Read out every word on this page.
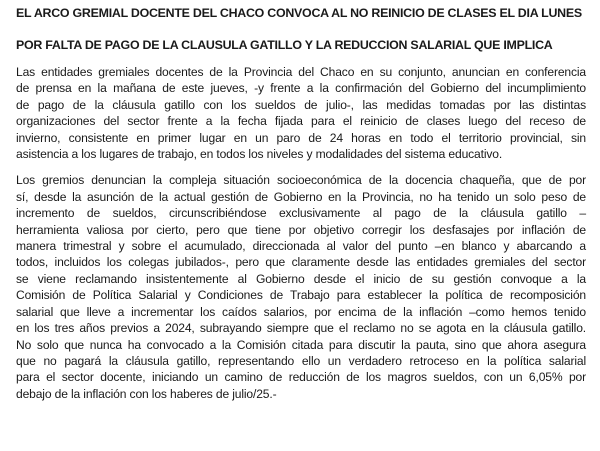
EL ARCO GREMIAL DOCENTE DEL CHACO CONVOCA AL NO REINICIO DE CLASES EL DIA LUNES
POR FALTA DE PAGO DE LA CLAUSULA GATILLO Y LA REDUCCION SALARIAL QUE IMPLICA

Las entidades gremiales docentes de la Provincia del Chaco en su conjunto, anuncian en conferencia
de prensa en la mañana de este jueves, -y frente a la confirmación del Gobierno del incumplimiento
de pago de la cláusula gatillo con los sueldos de julio-, las medidas tomadas por las distintas
organizaciones del sector frente a la fecha fijada para el reinicio de clases luego del receso de
invierno, consistente en primer lugar en un paro de 24 horas en todo el territorio provincial, sin
asistencia a los lugares de trabajo, en todos los niveles y modalidades del sistema educativo.

Los gremios denuncian la compleja situación socioeconómica de la docencia chaqueña, que de por
sí, desde la asunción de la actual gestión de Gobierno en la Provincia, no ha tenido un solo peso de
incremento de sueldos, circunscribiéndose exclusivamente al pago de la cláusula gatillo –
herramienta valiosa por cierto, pero que tiene por objetivo corregir los desfasajes por inflación de
manera trimestral y sobre el acumulado, direccionada al valor del punto –en blanco y abarcando a
todos, incluidos los colegas jubilados-, pero que claramente desde las entidades gremiales del sector
se viene reclamando insistentemente al Gobierno desde el inicio de su gestión convoque a la
Comisión de Política Salarial y Condiciones de Trabajo para establecer la política de recomposición
salarial que lleve a incrementar los caídos salarios, por encima de la inflación –como hemos tenido
en los tres años previos a 2024, subrayando siempre que el reclamo no se agota en la cláusula gatillo.
No solo que nunca ha convocado a la Comisión citada para discutir la pauta, sino que ahora asegura
que no pagará la cláusula gatillo, representando ello un verdadero retroceso en la política salarial
para el sector docente, iniciando un camino de reducción de los magros sueldos, con un 6,05% por
debajo de la inflación con los haberes de julio/25.-
